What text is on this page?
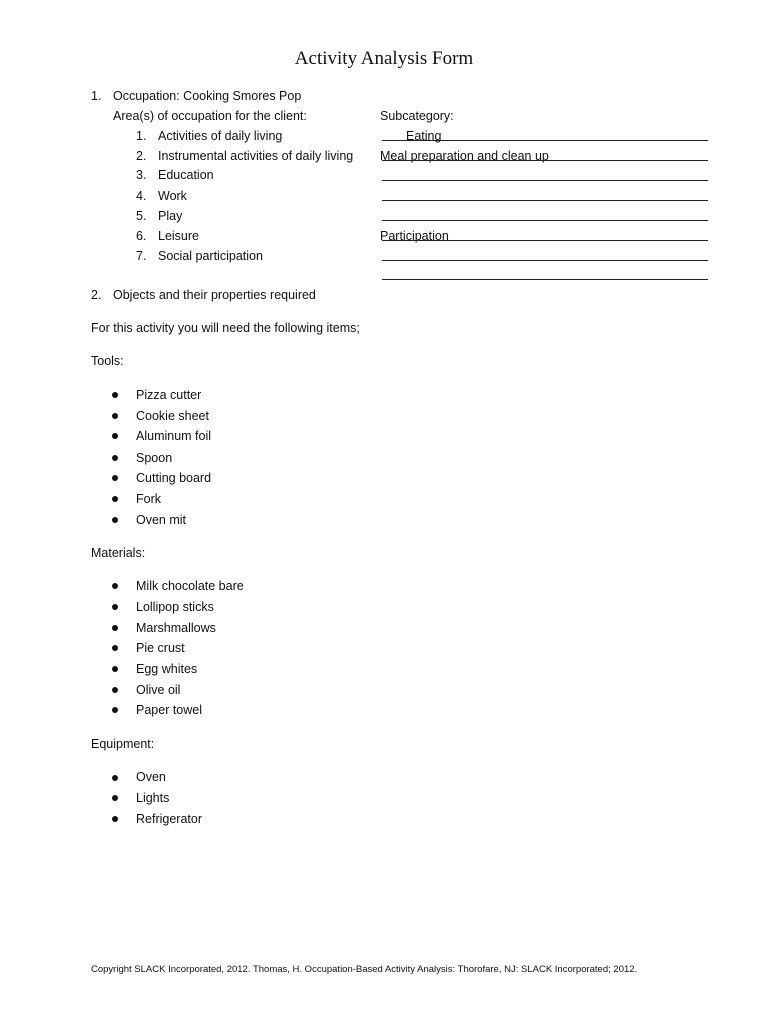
Activity Analysis Form
1. Occupation: Cooking Smores Pop
Area(s) of occupation for the client:	Subcategory:
1. Activities of daily living
2. Instrumental activities of daily living
3. Education
4. Work
5. Play
6. Leisure
7. Social participation
Eating
Meal preparation and clean up
Participation
2. Objects and their properties required
For this activity you will need the following items;
Tools:
Pizza cutter
Cookie sheet
Aluminum foil
Spoon
Cutting board
Fork
Oven mit
Materials:
Milk chocolate bare
Lollipop sticks
Marshmallows
Pie crust
Egg whites
Olive oil
Paper towel
Equipment:
Oven
Lights
Refrigerator
Copyright SLACK Incorporated, 2012. Thomas, H. Occupation-Based Activity Analysis: Thorofare, NJ: SLACK Incorporated; 2012.
